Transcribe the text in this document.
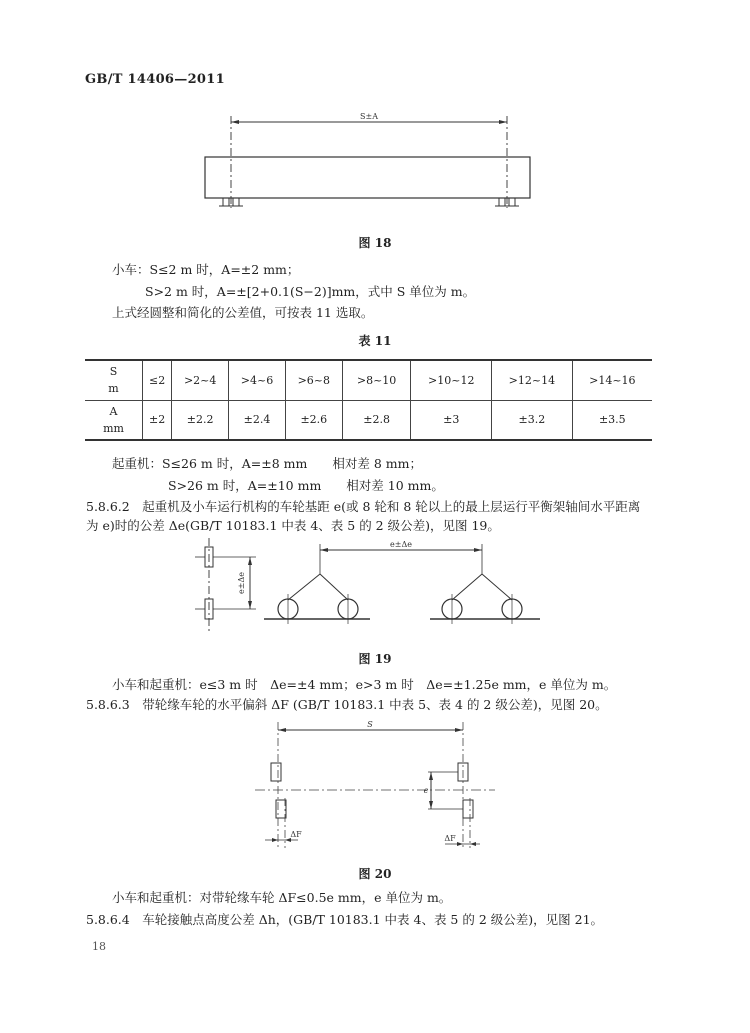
GB/T 14406—2011
S±A
图 18
小车：S≤2 m 时，A=±2 mm；
S>2 m 时，A=±[2+0.1(S−2)]mm，式中 S 单位为 m。
上式经圆整和简化的公差值，可按表 11 选取。
表 11
S
m	≤2	>2~4	>4~6	>6~8	>8~10	>10~12	>12~14	>14~16

A
mm	±2	±2.2	±2.4	±2.6	±2.8	±3	±3.2	±3.5
起重机：S≤26 m 时，A=±8 mm　　相对差 8 mm；
S>26 m 时，A=±10 mm　　相对差 10 mm。
5.8.6.2　 起重机及小车运行机构的车轮基距 e(或 8 轮和 8 轮以上的最上层运行平衡架轴间水平距离
为 e)时的公差 Δe(GB/T 10183.1 中表 4、表 5 的 2 级公差)，见图 19。
e±Δe
e±Δe
图 19
小车和起重机：e≤3 m 时　Δe=±4 mm；e>3 m 时　Δe=±1.25e mm，e 单位为 m。
5.8.6.3　 带轮缘车轮的水平偏斜 ΔF (GB/T 10183.1 中表 5、表 4 的 2 级公差)，见图 20。
S
ΔF	ΔF
e
图 20
小车和起重机：对带轮缘车轮 ΔF≤0.5e mm，e 单位为 m。
5.8.6.4　 车轮接触点高度公差 Δh，(GB/T 10183.1 中表 4、表 5 的 2 级公差)，见图 21。
18
